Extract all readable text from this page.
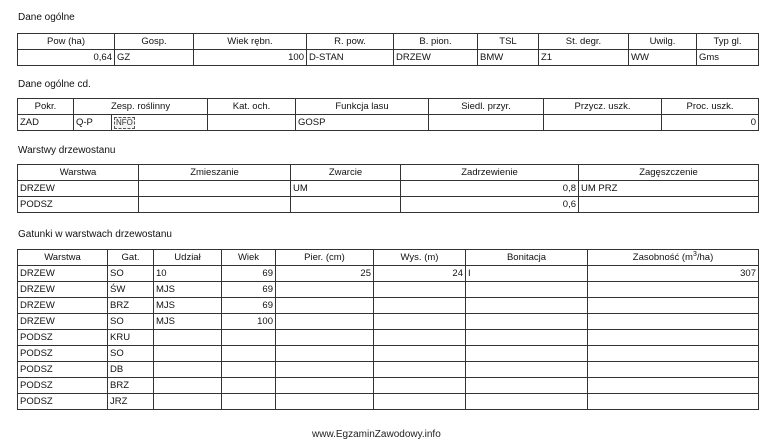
Dane ogólne
Pow (ha)	Gosp.	Wiek rębn.	R. pow.	B. pion.	TSL	St. degr.	Uwilg.	Typ gl.
0,64	GZ	100	D-STAN	DRZEW	BMW	Z1	WW	Gms
Dane ogólne cd.
Pokr.	Zesp. roślinny		Kat. och.	Funkcja lasu	Siedl. przyr.	Przycz. uszk.	Proc. uszk.
ZAD	Q-P	NFO		GOSP			0
Warstwy drzewostanu
Warstwa	Zmieszanie	Zwarcie	Zadrzewienie	Zagęszczenie
DRZEW		UM	0,8	UM PRZ
PODSZ			0,6	
Gatunki w warstwach drzewostanu
Warstwa	Gat.	Udział	Wiek	Pier. (cm)	Wys. (m)	Bonitacja	Zasobność $(m^3/ha)$
DRZEW	SO	10	69	25	24	I	307
DRZEW	ŚW	MJS	69				
DRZEW	BRZ	MJS	69				
DRZEW	SO	MJS	100				
PODSZ	KRU						
PODSZ	SO						
PODSZ	DB						
PODSZ	BRZ						
PODSZ	JRZ						
www.EgzaminZawodowy.info
